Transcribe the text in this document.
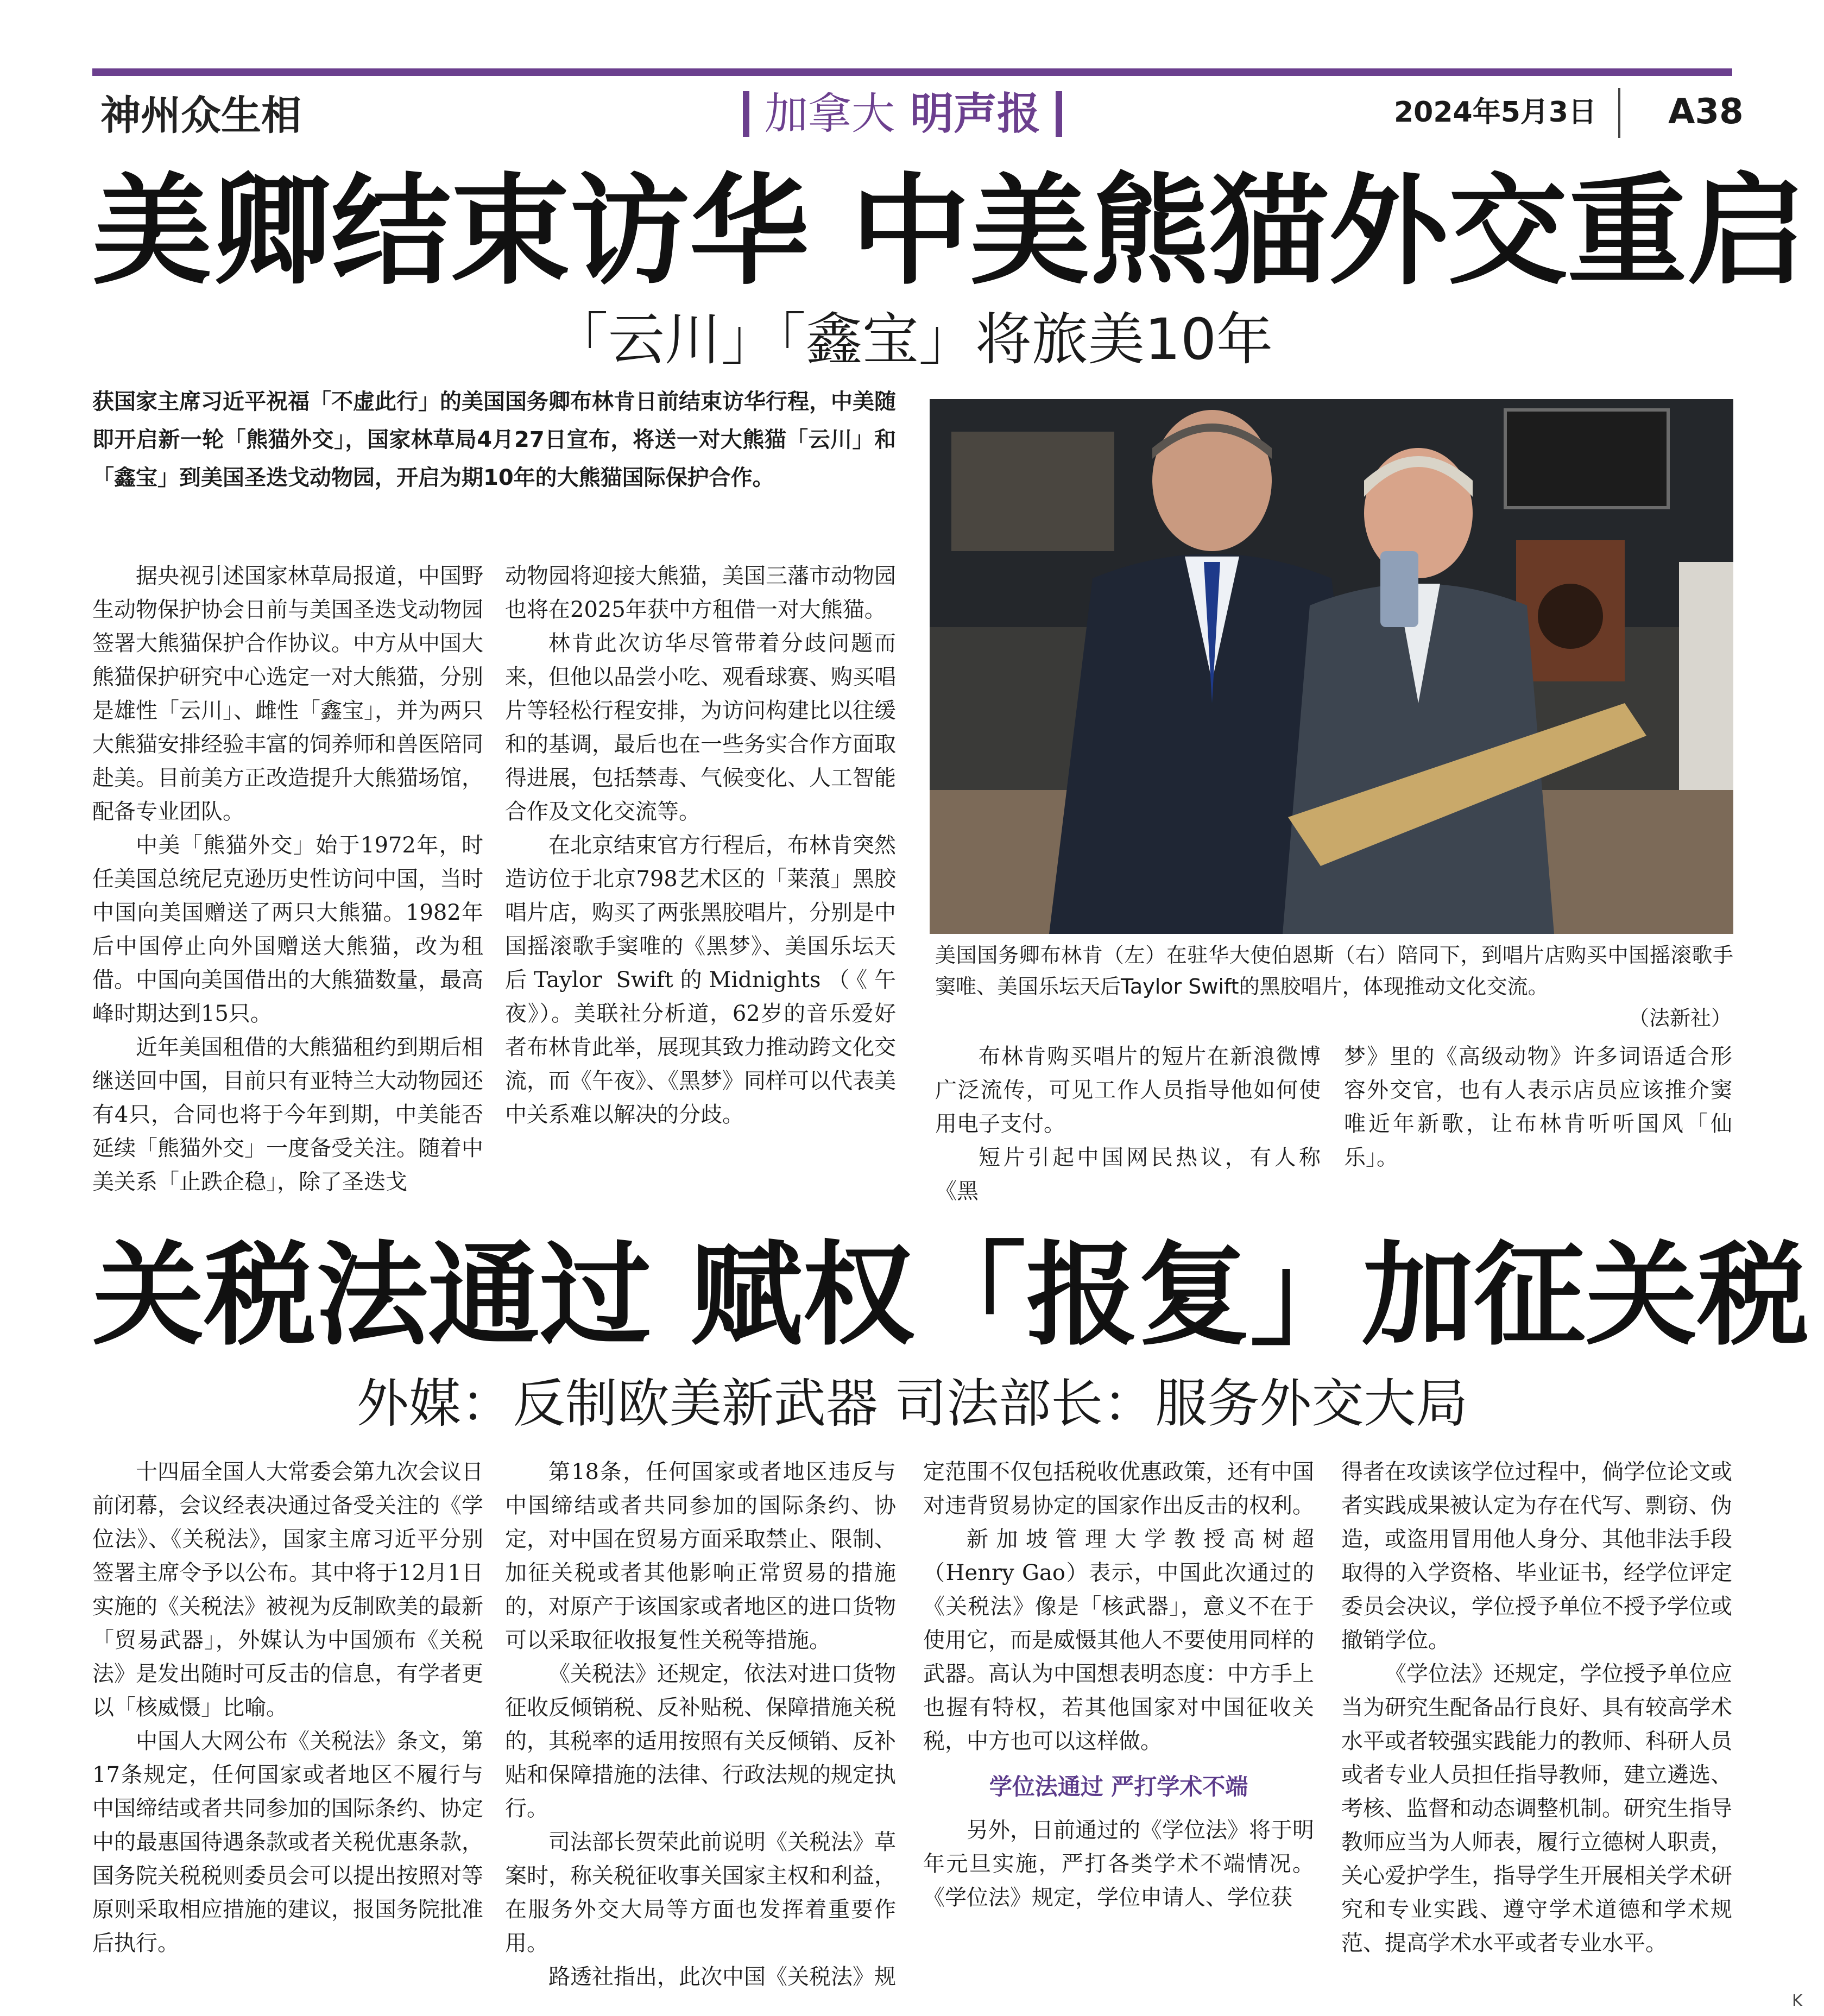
神州众生相	加拿大 明声报	2024年5月3日 A38
美卿结束访华 中美熊猫外交重启
「云川」「鑫宝」将旅美10年
获国家主席习近平祝福「不虚此行」的美国国务卿布林肯日前结束访华行程，中美随即开启新一轮「熊猫外交」，国家林草局4月27日宣布，将送一对大熊猫「云川」和「鑫宝」到美国圣迭戈动物园，开启为期10年的大熊猫国际保护合作。

据央视引述国家林草局报道，中国野生动物保护协会日前与美国圣迭戈动物园签署大熊猫保护合作协议。中方从中国大熊猫保护研究中心选定一对大熊猫，分别是雄性「云川」、雌性「鑫宝」，并为两只大熊猫安排经验丰富的饲养师和兽医陪同赴美。目前美方正改造提升大熊猫场馆，配备专业团队。

中美「熊猫外交」始于1972年，时任美国总统尼克逊历史性访问中国，当时中国向美国赠送了两只大熊猫。1982年后中国停止向外国赠送大熊猫，改为租借。中国向美国借出的大熊猫数量，最高峰时期达到15只。

近年美国租借的大熊猫租约到期后相继送回中国，目前只有亚特兰大动物园还有4只，合同也将于今年到期，中美能否延续「熊猫外交」一度备受关注。随着中美关系「止跌企稳」，除了圣迭戈

动物园将迎接大熊猫，美国三藩市动物园也将在2025年获中方租借一对大熊猫。

林肯此次访华尽管带着分歧问题而来，但他以品尝小吃、观看球赛、购买唱片等轻松行程安排，为访问构建比以往缓和的基调，最后也在一些务实合作方面取得进展，包括禁毒、气候变化、人工智能合作及文化交流等。

在北京结束官方行程后，布林肯突然造访位于北京798艺术区的「莱蒗」黑胶唱片店，购买了两张黑胶唱片，分别是中国摇滚歌手窦唯的《黑梦》、美国乐坛天后Taylor Swift的Midnights（《午夜》）。美联社分析道，62岁的音乐爱好者布林肯此举，展现其致力推动跨文化交流，而《午夜》、《黑梦》同样可以代表美中关系难以解决的分歧。

美国国务卿布林肯（左）在驻华大使伯恩斯（右）陪同下，到唱片店购买中国摇滚歌手窦唯、美国乐坛天后Taylor Swift的黑胶唱片，体现推动文化交流。
（法新社）

布林肯购买唱片的短片在新浪微博广泛流传，可见工作人员指导他如何使用电子支付。

短片引起中国网民热议，有人称《黑

梦》里的《高级动物》许多词语适合形容外交官，也有人表示店员应该推介窦唯近年新歌，让布林肯听听国风「仙乐」。

关税法通过 赋权「报复」加征关税
外媒：反制欧美新武器 司法部长：服务外交大局

十四届全国人大常委会第九次会议日前闭幕，会议经表决通过备受关注的《学位法》、《关税法》，国家主席习近平分别签署主席令予以公布。其中将于12月1日实施的《关税法》被视为反制欧美的最新「贸易武器」，外媒认为中国颁布《关税法》是发出随时可反击的信息，有学者更以「核威慑」比喻。

中国人大网公布《关税法》条文，第17条规定，任何国家或者地区不履行与中国缔结或者共同参加的国际条约、协定中的最惠国待遇条款或者关税优惠条款，国务院关税税则委员会可以提出按照对等原则采取相应措施的建议，报国务院批准后执行。

第18条，任何国家或者地区违反与中国缔结或者共同参加的国际条约、协定，对中国在贸易方面采取禁止、限制、加征关税或者其他影响正常贸易的措施的，对原产于该国家或者地区的进口货物可以采取征收报复性关税等措施。

《关税法》还规定，依法对进口货物征收反倾销税、反补贴税、保障措施关税的，其税率的适用按照有关反倾销、反补贴和保障措施的法律、行政法规的规定执行。

司法部长贺荣此前说明《关税法》草案时，称关税征收事关国家主权和利益，在服务外交大局等方面也发挥着重要作用。

路透社指出，此次中国《关税法》规

定范围不仅包括税收优惠政策，还有中国对违背贸易协定的国家作出反击的权利。

新加坡管理大学教授高树超（Henry Gao）表示，中国此次通过的《关税法》像是「核武器」，意义不在于使用它，而是威慑其他人不要使用同样的武器。高认为中国想表明态度：中方手上也握有特权，若其他国家对中国征收关税，中方也可以这样做。

学位法通过 严打学术不端

另外，日前通过的《学位法》将于明年元旦实施，严打各类学术不端情况。《学位法》规定，学位申请人、学位获

得者在攻读该学位过程中，倘学位论文或者实践成果被认定为存在代写、剽窃、伪造，或盗用冒用他人身分、其他非法手段取得的入学资格、毕业证书，经学位评定委员会决议，学位授予单位不授予学位或撤销学位。

《学位法》还规定，学位授予单位应当为研究生配备品行良好、具有较高学术水平或者较强实践能力的教师、科研人员或者专业人员担任指导教师，建立遴选、考核、监督和动态调整机制。研究生指导教师应当为人师表，履行立德树人职责，关心爱护学生，指导学生开展相关学术研究和专业实践、遵守学术道德和学术规范、提高学术水平或者专业水平。

K
